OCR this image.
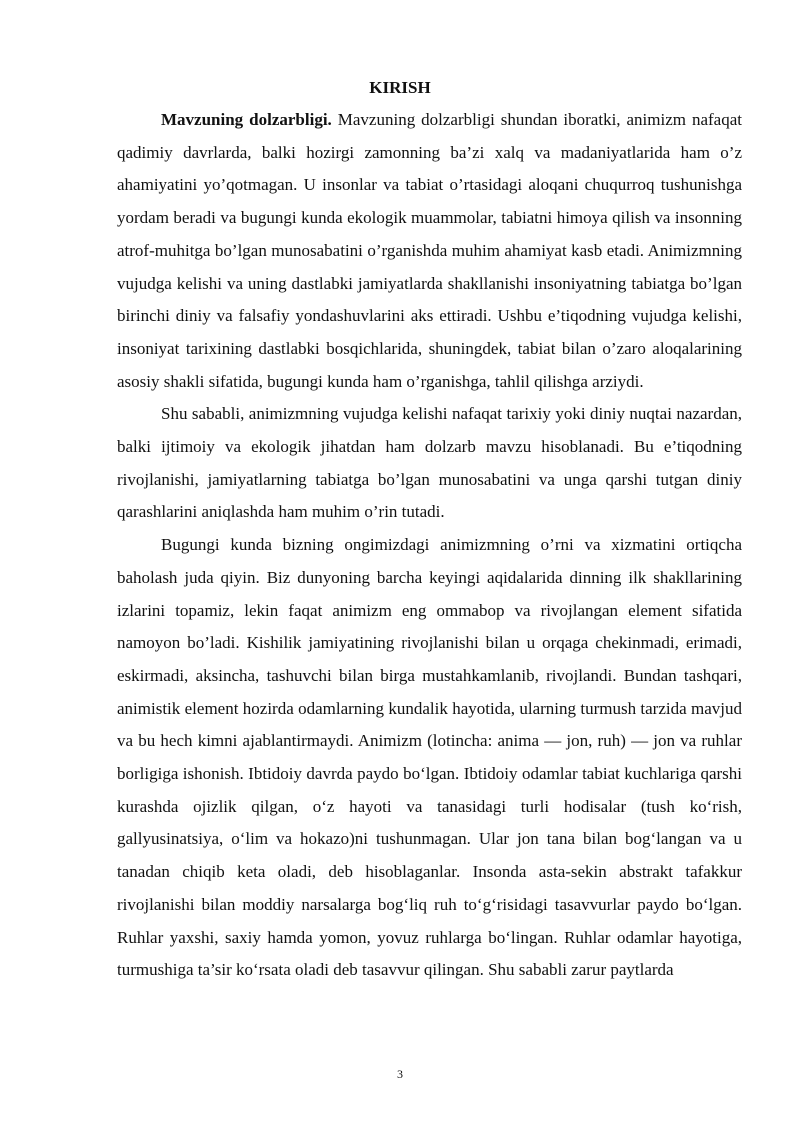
KIRISH

Mavzuning dolzarbligi. Mavzuning dolzarbligi shundan iboratki, animizm nafaqat qadimiy davrlarda, balki hozirgi zamonning ba’zi xalq va madaniyatlarida ham o’z ahamiyatini yo’qotmagan. U insonlar va tabiat o’rtasidagi aloqani chuqurroq tushunishga yordam beradi va bugungi kunda ekologik muammolar, tabiatni himoya qilish va insonning atrof-muhitga bo’lgan munosabatini o’rganishda muhim ahamiyat kasb etadi. Animizmning vujudga kelishi va uning dastlabki jamiyatlarda shakllanishi insoniyatning tabiatga bo’lgan birinchi diniy va falsafiy yondashuvlarini aks ettiradi. Ushbu e’tiqodning vujudga kelishi, insoniyat tarixining dastlabki bosqichlarida, shuningdek, tabiat bilan o’zaro aloqalarining asosiy shakli sifatida, bugungi kunda ham o’rganishga, tahlil qilishga arziydi.

Shu sababli, animizmning vujudga kelishi nafaqat tarixiy yoki diniy nuqtai nazardan, balki ijtimoiy va ekologik jihatdan ham dolzarb mavzu hisoblanadi. Bu e’tiqodning rivojlanishi, jamiyatlarning tabiatga bo’lgan munosabatini va unga qarshi tutgan diniy qarashlarini aniqlashda ham muhim o’rin tutadi.

Bugungi kunda bizning ongimizdagi animizmning o’rni va xizmatini ortiqcha baholash juda qiyin. Biz dunyoning barcha keyingi aqidalarida dinning ilk shakllarining izlarini topamiz, lekin faqat animizm eng ommabop va rivojlangan element sifatida namoyon bo’ladi. Kishilik jamiyatining rivojlanishi bilan u orqaga chekinmadi, erimadi, eskirmadi, aksincha, tashuvchi bilan birga mustahkamlanib, rivojlandi. Bundan tashqari, animistik element hozirda odamlarning kundalik hayotida, ularning turmush tarzida mavjud va bu hech kimni ajablantirmaydi. Animizm (lotincha: anima — jon, ruh) — jon va ruhlar borligiga ishonish. Ibtidoiy davrda paydo bo‘lgan. Ibtidoiy odamlar tabiat kuchlariga qarshi kurashda ojizlik qilgan, o‘z hayoti va tanasidagi turli hodisalar (tush ko‘rish, gallyusinatsiya, o‘lim va hokazo)ni tushunmagan. Ular jon tana bilan bog‘langan va u tanadan chiqib keta oladi, deb hisoblaganlar. Insonda asta-sekin abstrakt tafakkur rivojlanishi bilan moddiy narsalarga bog‘liq ruh to‘g‘risidagi tasavvurlar paydo bo‘lgan. Ruhlar yaxshi, saxiy hamda yomon, yovuz ruhlarga bo‘lingan. Ruhlar odamlar hayotiga, turmushiga ta’sir ko‘rsata oladi deb tasavvur qilingan. Shu sababli zarur paytlarda

3
